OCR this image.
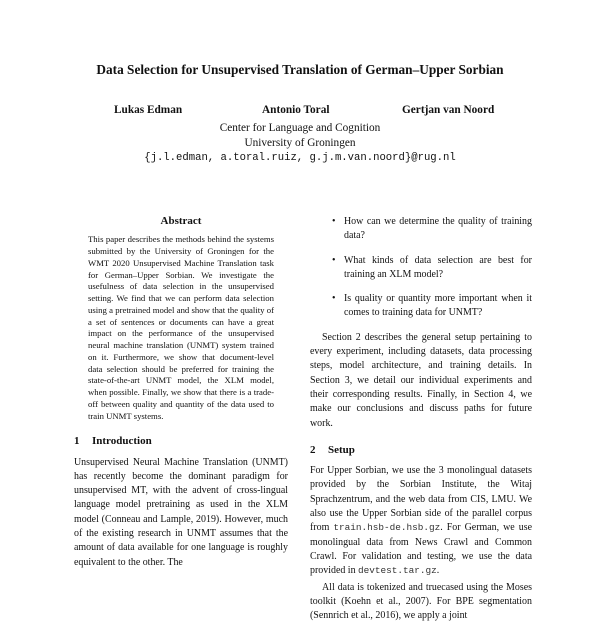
Data Selection for Unsupervised Translation of German–Upper Sorbian
Lukas Edman	Antonio Toral	Gertjan van Noord
Center for Language and Cognition
University of Groningen
{j.l.edman, a.toral.ruiz, g.j.m.van.noord}@rug.nl
Abstract
This paper describes the methods behind the systems submitted by the University of Groningen for the WMT 2020 Unsupervised Machine Translation task for German–Upper Sorbian. We investigate the usefulness of data selection in the unsupervised setting. We find that we can perform data selection using a pretrained model and show that the quality of a set of sentences or documents can have a great impact on the performance of the unsupervised neural machine translation (UNMT) system trained on it. Furthermore, we show that document-level data selection should be preferred for training the state-of-the-art UNMT model, the XLM model, when possible. Finally, we show that there is a trade-off between quality and quantity of the data used to train UNMT systems.
1 Introduction
Unsupervised Neural Machine Translation (UNMT) has recently become the dominant paradigm for unsupervised MT, with the advent of cross-lingual language model pretraining as used in the XLM model (Conneau and Lample, 2019). However, much of the existing research in UNMT assumes that the amount of data available for one language is roughly equivalent to the other. The
• How can we determine the quality of training data?
• What kinds of data selection are best for training an XLM model?
• Is quality or quantity more important when it comes to training data for UNMT?
Section 2 describes the general setup pertaining to every experiment, including datasets, data processing steps, model architecture, and training details. In Section 3, we detail our individual experiments and their corresponding results. Finally, in Section 4, we make our conclusions and discuss paths for future work.
2 Setup
For Upper Sorbian, we use the 3 monolingual datasets provided by the Sorbian Institute, the Witaj Sprachzentrum, and the web data from CIS, LMU. We also use the Upper Sorbian side of the parallel corpus from train.hsb-de.hsb.gz. For German, we use monolingual data from News Crawl and Common Crawl. For validation and testing, we use the data provided in devtest.tar.gz.
All data is tokenized and truecased using the Moses toolkit (Koehn et al., 2007). For BPE segmentation (Sennrich et al., 2016), we apply a joint
